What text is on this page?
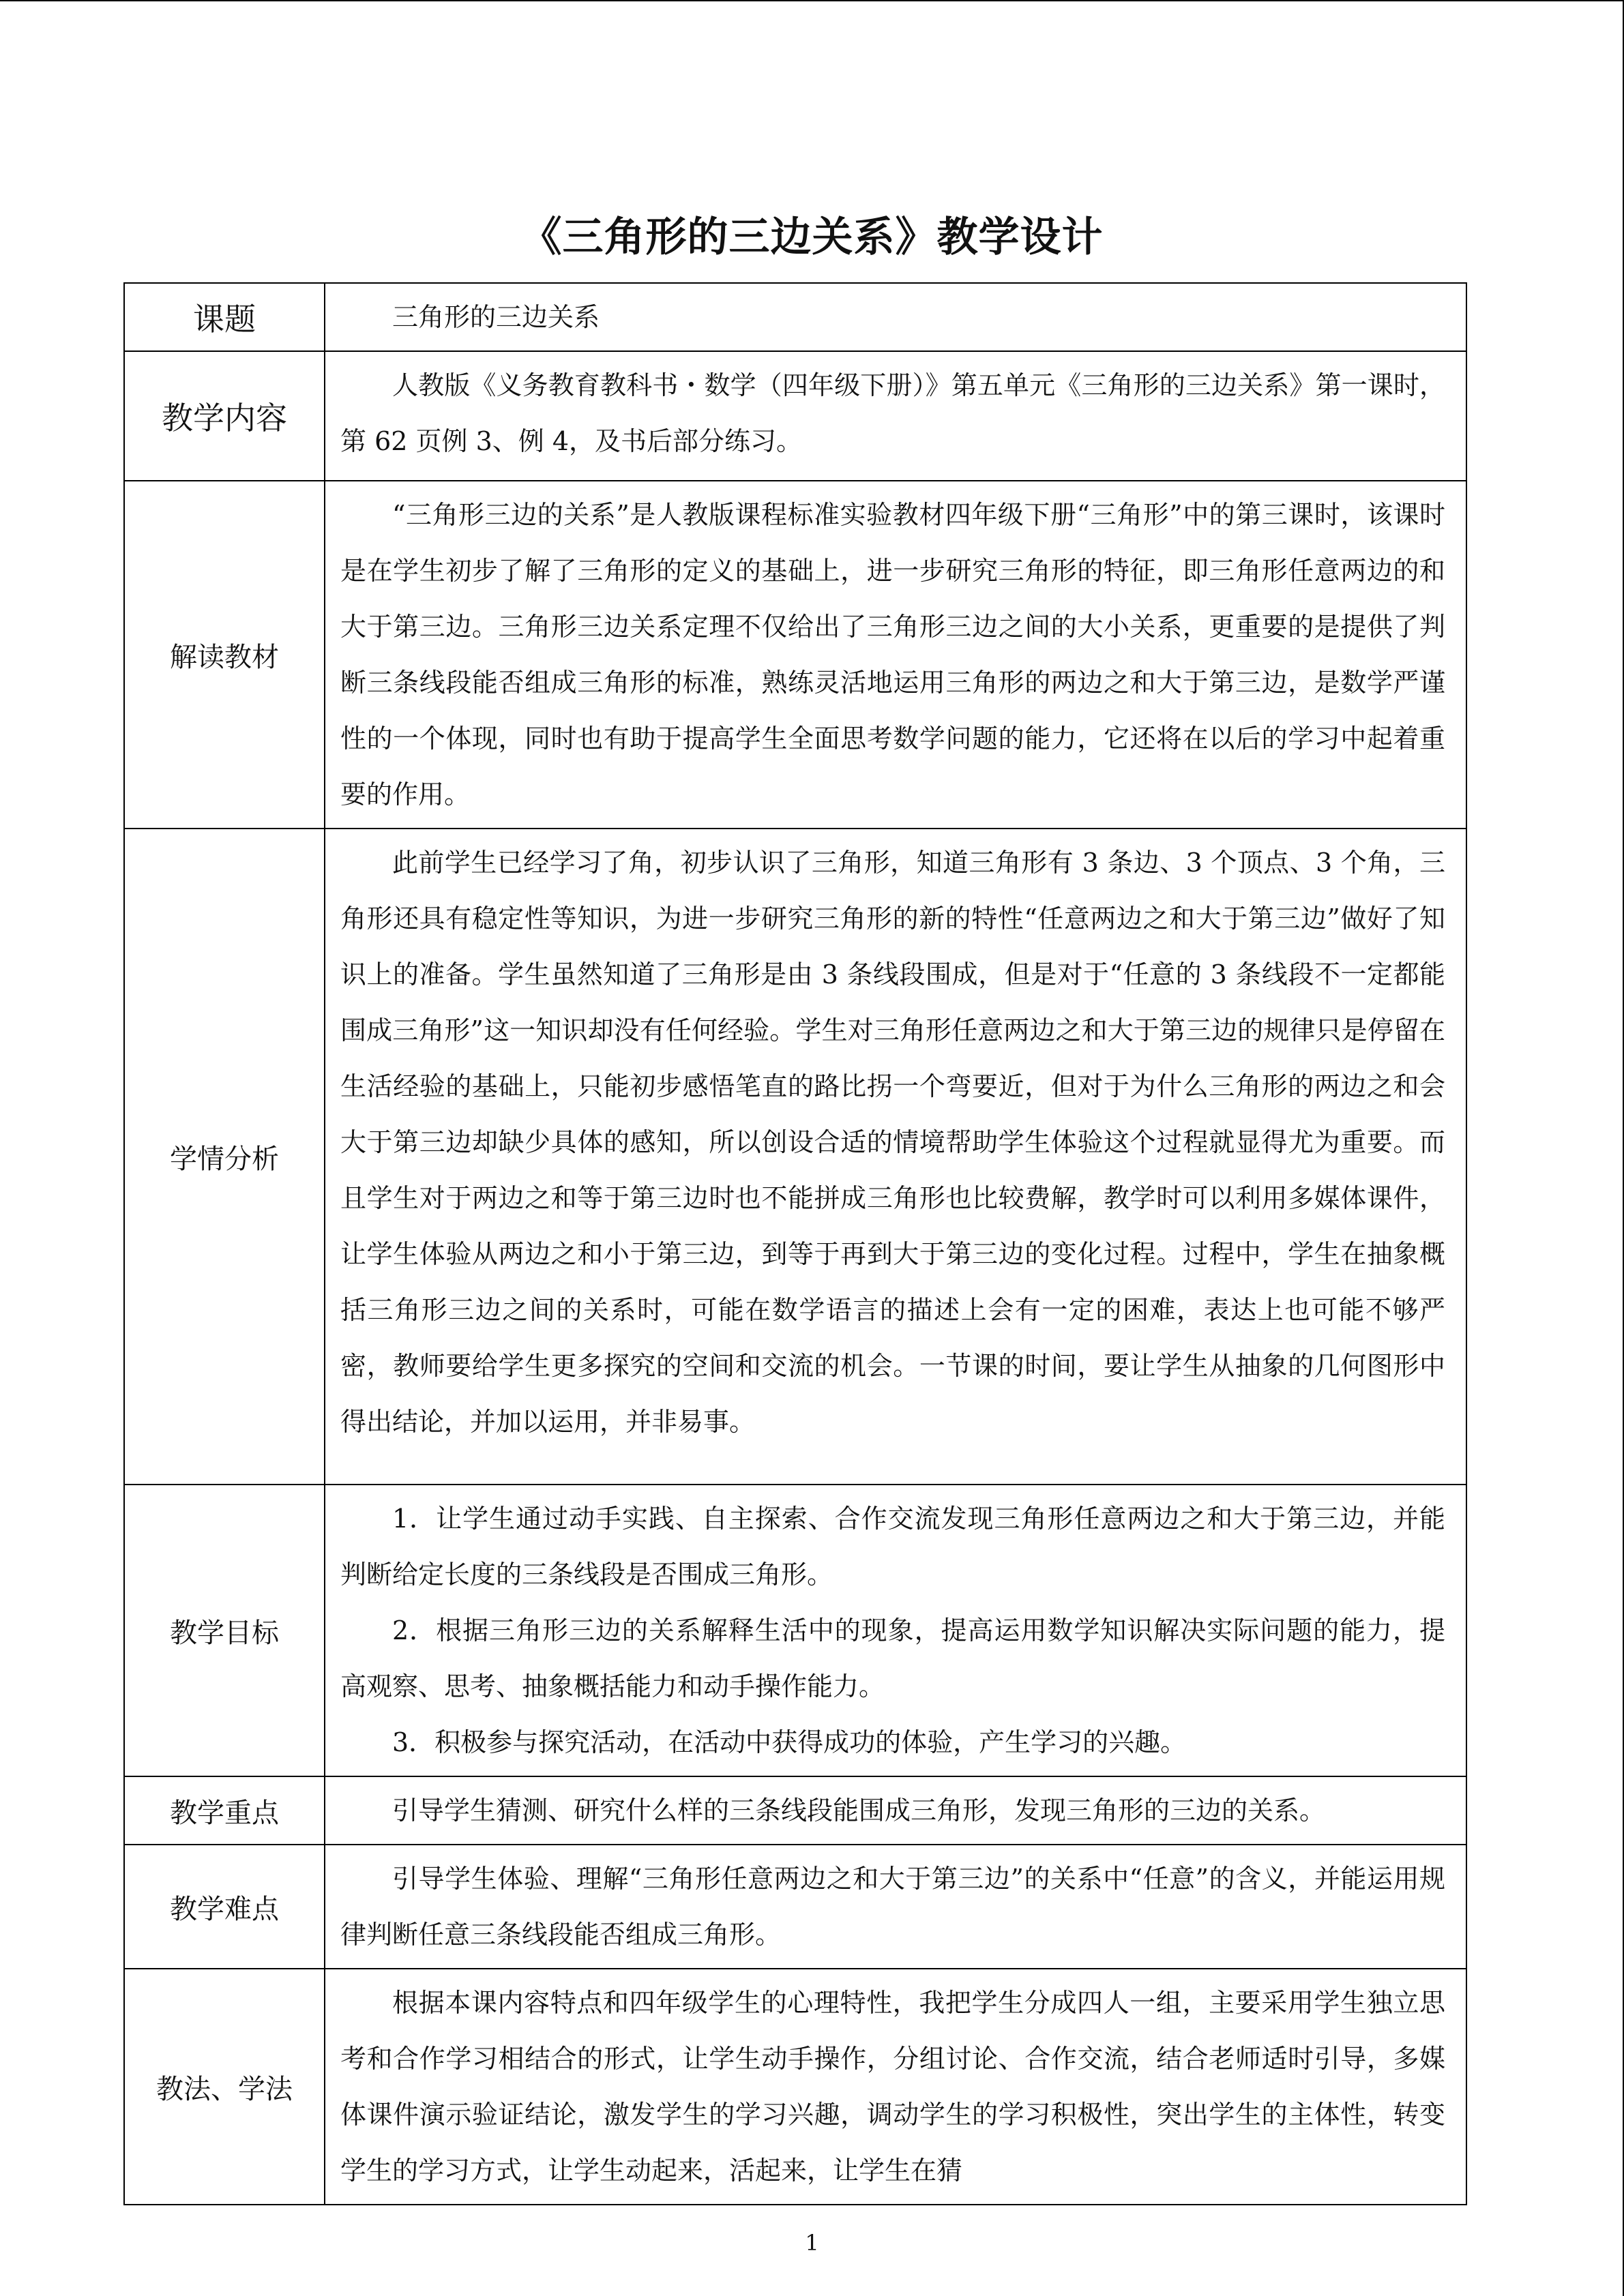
《三角形的三边关系》教学设计
课题	三角形的三边关系
教学内容	人教版《义务教育教科书・数学（四年级下册）》第五单元《三角形的三边关系》第一课时，第 62 页例 3、例 4，及书后部分练习。
解读教材	“三角形三边的关系”是人教版课程标准实验教材四年级下册“三角形”中的第三课时，该课时是在学生初步了解了三角形的定义的基础上，进一步研究三角形的特征，即三角形任意两边的和大于第三边。三角形三边关系定理不仅给出了三角形三边之间的大小关系，更重要的是提供了判断三条线段能否组成三角形的标准，熟练灵活地运用三角形的两边之和大于第三边，是数学严谨性的一个体现，同时也有助于提高学生全面思考数学问题的能力，它还将在以后的学习中起着重要的作用。
学情分析	此前学生已经学习了角，初步认识了三角形，知道三角形有 3 条边、3 个顶点、3 个角，三角形还具有稳定性等知识，为进一步研究三角形的新的特性“任意两边之和大于第三边”做好了知识上的准备。学生虽然知道了三角形是由 3 条线段围成，但是对于“任意的 3 条线段不一定都能围成三角形”这一知识却没有任何经验。学生对三角形任意两边之和大于第三边的规律只是停留在生活经验的基础上，只能初步感悟笔直的路比拐一个弯要近，但对于为什么三角形的两边之和会大于第三边却缺少具体的感知，所以创设合适的情境帮助学生体验这个过程就显得尤为重要。而且学生对于两边之和等于第三边时也不能拼成三角形也比较费解，教学时可以利用多媒体课件，让学生体验从两边之和小于第三边，到等于再到大于第三边的变化过程。过程中，学生在抽象概括三角形三边之间的关系时，可能在数学语言的描述上会有一定的困难，表达上也可能不够严密，教师要给学生更多探究的空间和交流的机会。一节课的时间，要让学生从抽象的几何图形中得出结论，并加以运用，并非易事。
教学目标	1．让学生通过动手实践、自主探索、合作交流发现三角形任意两边之和大于第三边，并能判断给定长度的三条线段是否围成三角形。

2．根据三角形三边的关系解释生活中的现象，提高运用数学知识解决实际问题的能力，提高观察、思考、抽象概括能力和动手操作能力。

3．积极参与探究活动，在活动中获得成功的体验，产生学习的兴趣。

教学重点	引导学生猜测、研究什么样的三条线段能围成三角形，发现三角形的三边的关系。
教学难点	引导学生体验、理解“三角形任意两边之和大于第三边”的关系中“任意”的含义，并能运用规律判断任意三条线段能否组成三角形。
教法、学法	根据本课内容特点和四年级学生的心理特性，我把学生分成四人一组，主要采用学生独立思考和合作学习相结合的形式，让学生动手操作，分组讨论、合作交流，结合老师适时引导，多媒体课件演示验证结论，激发学生的学习兴趣，调动学生的学习积极性，突出学生的主体性，转变学生的学习方式，让学生动起来，活起来，让学生在猜
1
